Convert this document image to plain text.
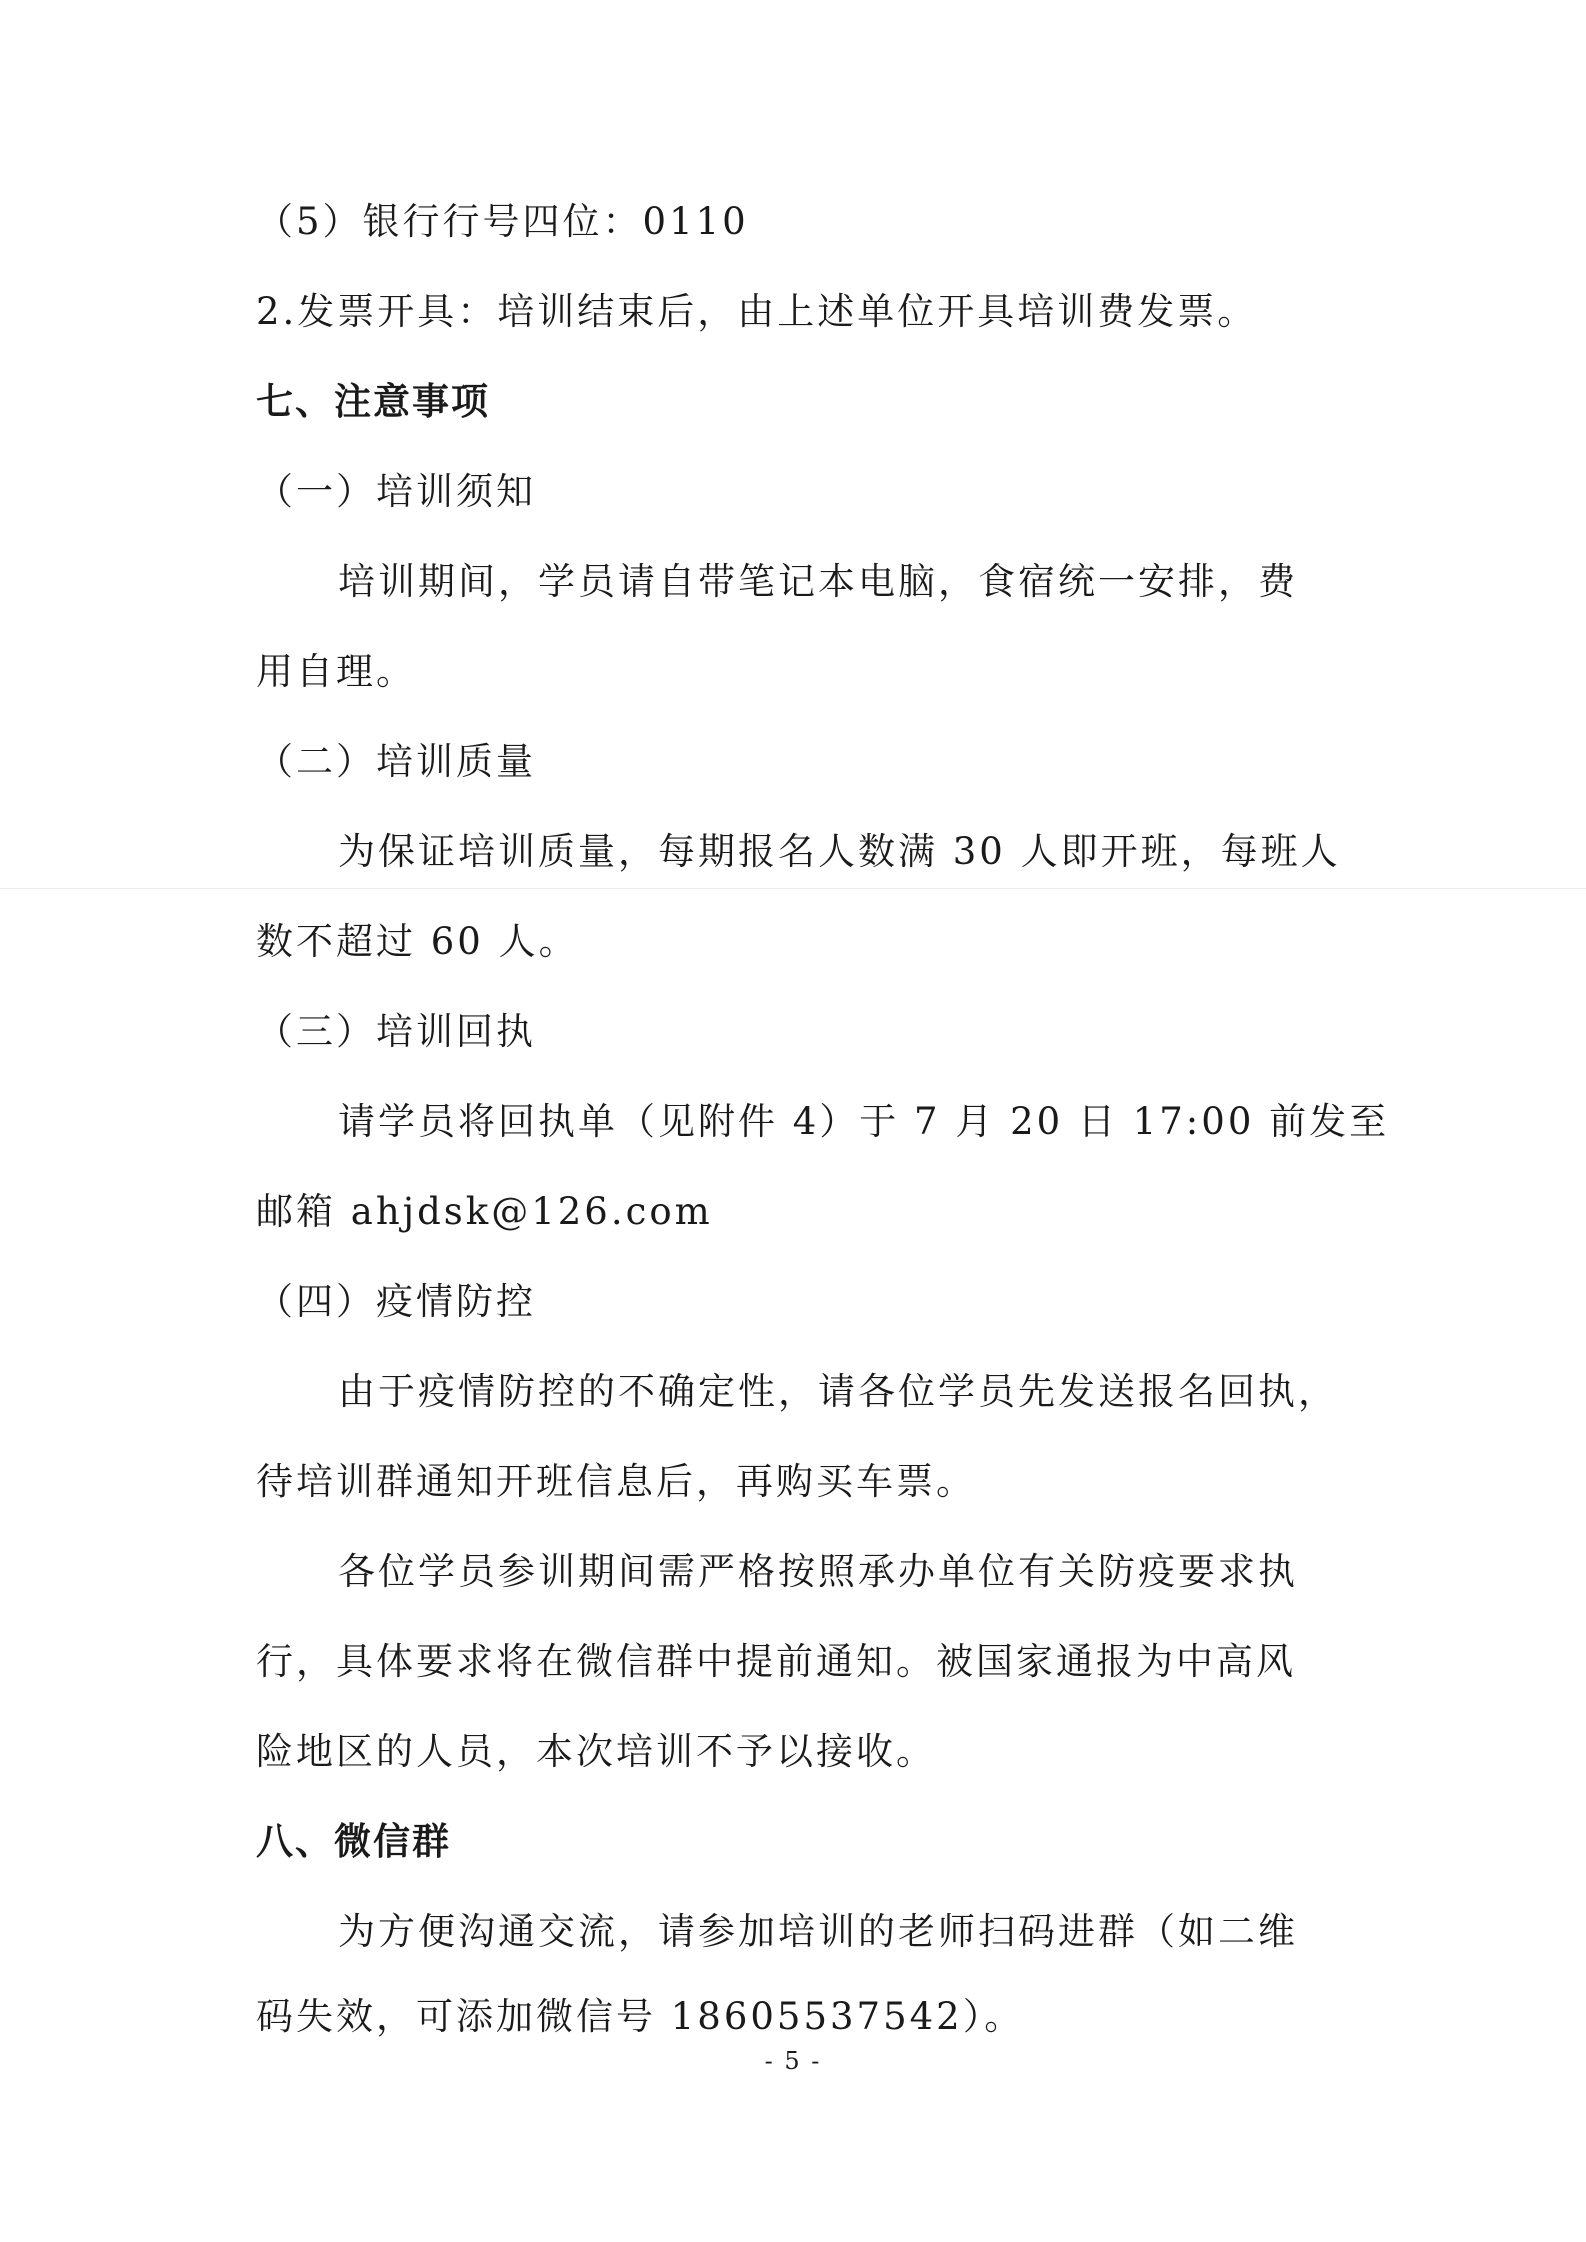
（5）银行行号四位：0110
2.发票开具：培训结束后，由上述单位开具培训费发票。
七、注意事项
（一）培训须知
培训期间，学员请自带笔记本电脑，食宿统一安排，费
用自理。
（二）培训质量
为保证培训质量，每期报名人数满 30 人即开班，每班人
数不超过 60 人。
（三）培训回执
请学员将回执单（见附件 4）于 7 月 20 日 17:00 前发至
邮箱 ahjdsk@126.com
（四）疫情防控
由于疫情防控的不确定性，请各位学员先发送报名回执，
待培训群通知开班信息后，再购买车票。
各位学员参训期间需严格按照承办单位有关防疫要求执
行，具体要求将在微信群中提前通知。被国家通报为中高风
险地区的人员，本次培训不予以接收。
八、微信群
为方便沟通交流，请参加培训的老师扫码进群（如二维
码失效，可添加微信号 18605537542）。
- 5 -
